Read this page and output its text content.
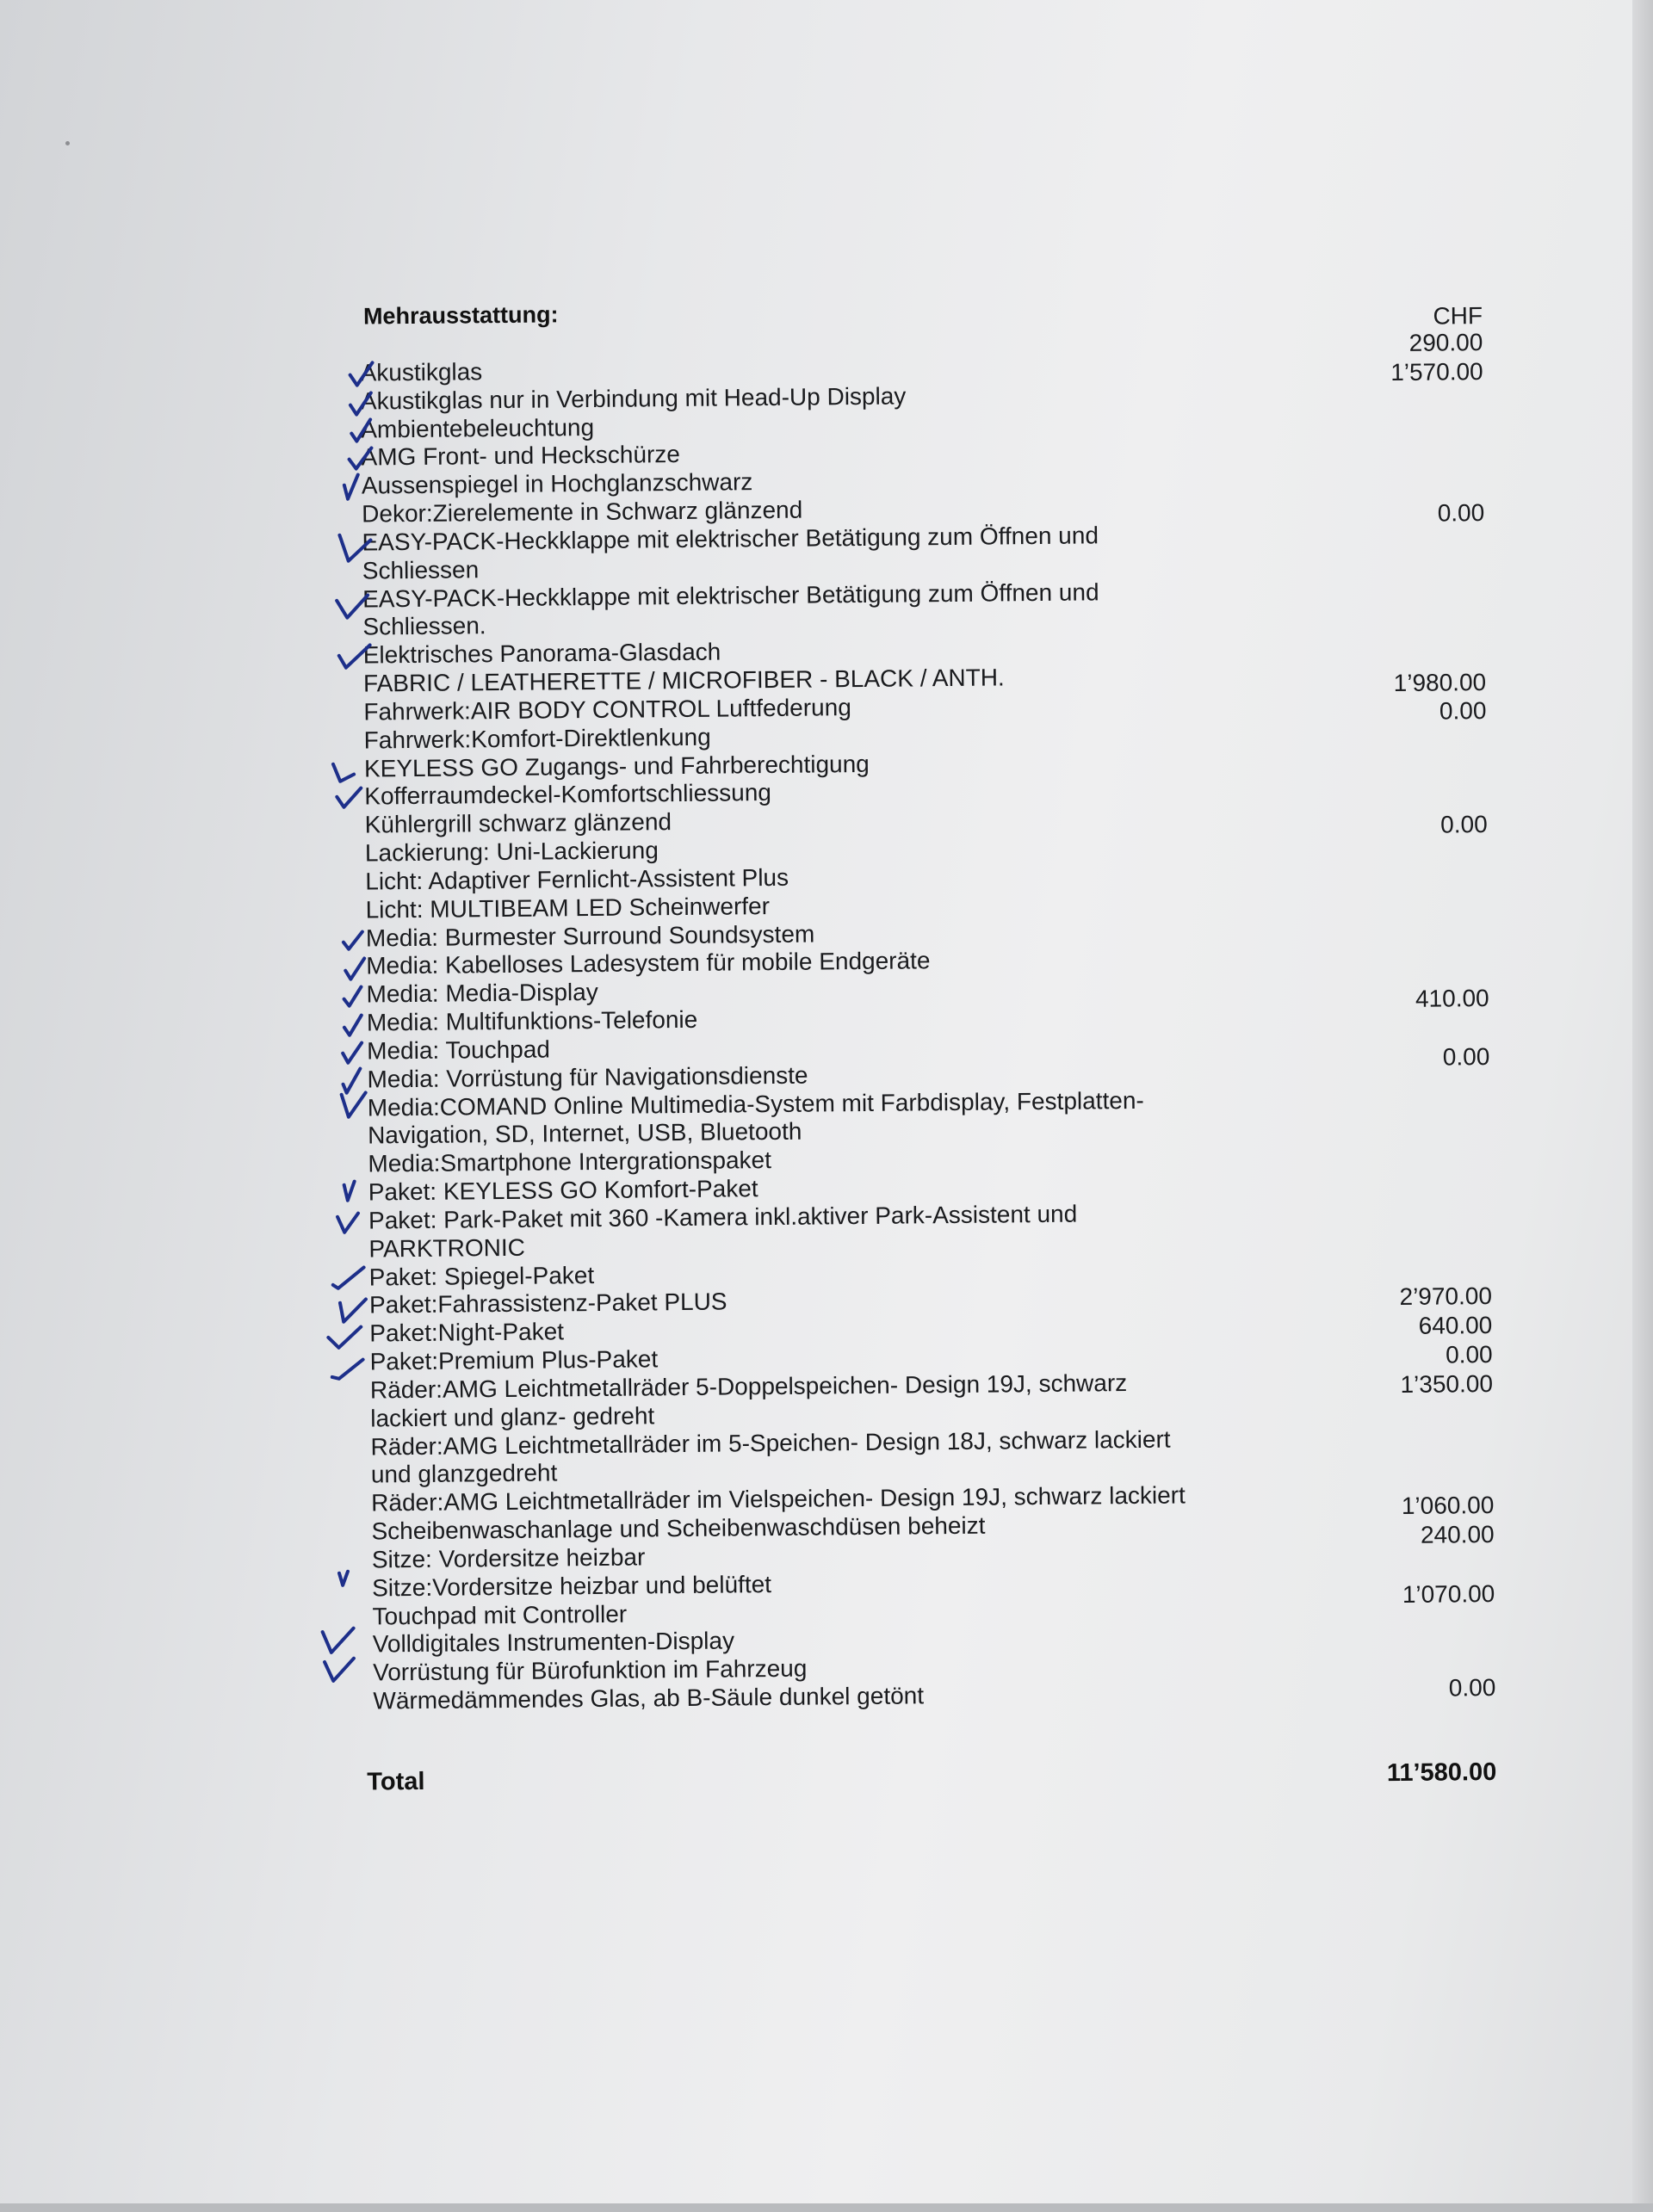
Mehrausstattung:	CHF
Akustikglas
Akustikglas nur in Verbindung mit Head-Up Display
Ambientebeleuchtung
AMG Front- und Heckschürze
Aussenspiegel in Hochglanzschwarz
Dekor:Zierelemente in Schwarz glänzend
EASY-PACK-Heckklappe mit elektrischer Betätigung zum Öffnen und
Schliessen
EASY-PACK-Heckklappe mit elektrischer Betätigung zum Öffnen und
Schliessen.
Elektrisches Panorama-Glasdach
FABRIC / LEATHERETTE / MICROFIBER - BLACK / ANTH.
Fahrwerk:AIR BODY CONTROL Luftfederung
Fahrwerk:Komfort-Direktlenkung
KEYLESS GO Zugangs- und Fahrberechtigung
Kofferraumdeckel-Komfortschliessung
Kühlergrill schwarz glänzend
Lackierung: Uni-Lackierung
Licht: Adaptiver Fernlicht-Assistent Plus
Licht: MULTIBEAM LED Scheinwerfer
Media: Burmester Surround Soundsystem
Media: Kabelloses Ladesystem für mobile Endgeräte
Media: Media-Display
Media: Multifunktions-Telefonie
Media: Touchpad
Media: Vorrüstung für Navigationsdienste
Media:COMAND Online Multimedia-System mit Farbdisplay, Festplatten-
Navigation, SD, Internet, USB, Bluetooth
Media:Smartphone Intergrationspaket
Paket: KEYLESS GO Komfort-Paket
Paket: Park-Paket mit 360 -Kamera inkl.aktiver Park-Assistent und
PARKTRONIC
Paket: Spiegel-Paket
Paket:Fahrassistenz-Paket PLUS
Paket:Night-Paket
Paket:Premium Plus-Paket
Räder:AMG Leichtmetallräder 5-Doppelspeichen- Design 19J, schwarz
lackiert und glanz- gedreht
Räder:AMG Leichtmetallräder im 5-Speichen- Design 18J, schwarz lackiert
und glanzgedreht
Räder:AMG Leichtmetallräder im Vielspeichen- Design 19J, schwarz lackiert
Scheibenwaschanlage und Scheibenwaschdüsen beheizt
Sitze: Vordersitze heizbar
Sitze:Vordersitze heizbar und belüftet
Touchpad mit Controller
Volldigitales Instrumenten-Display
Vorrüstung für Bürofunktion im Fahrzeug
Wärmedämmendes Glas, ab B-Säule dunkel getönt
290.00
1’570.00
0.00
1’980.00
0.00
0.00
410.00
0.00
2’970.00
640.00
0.00
1’350.00
1’060.00
240.00
1’070.00
0.00
Total	11’580.00
